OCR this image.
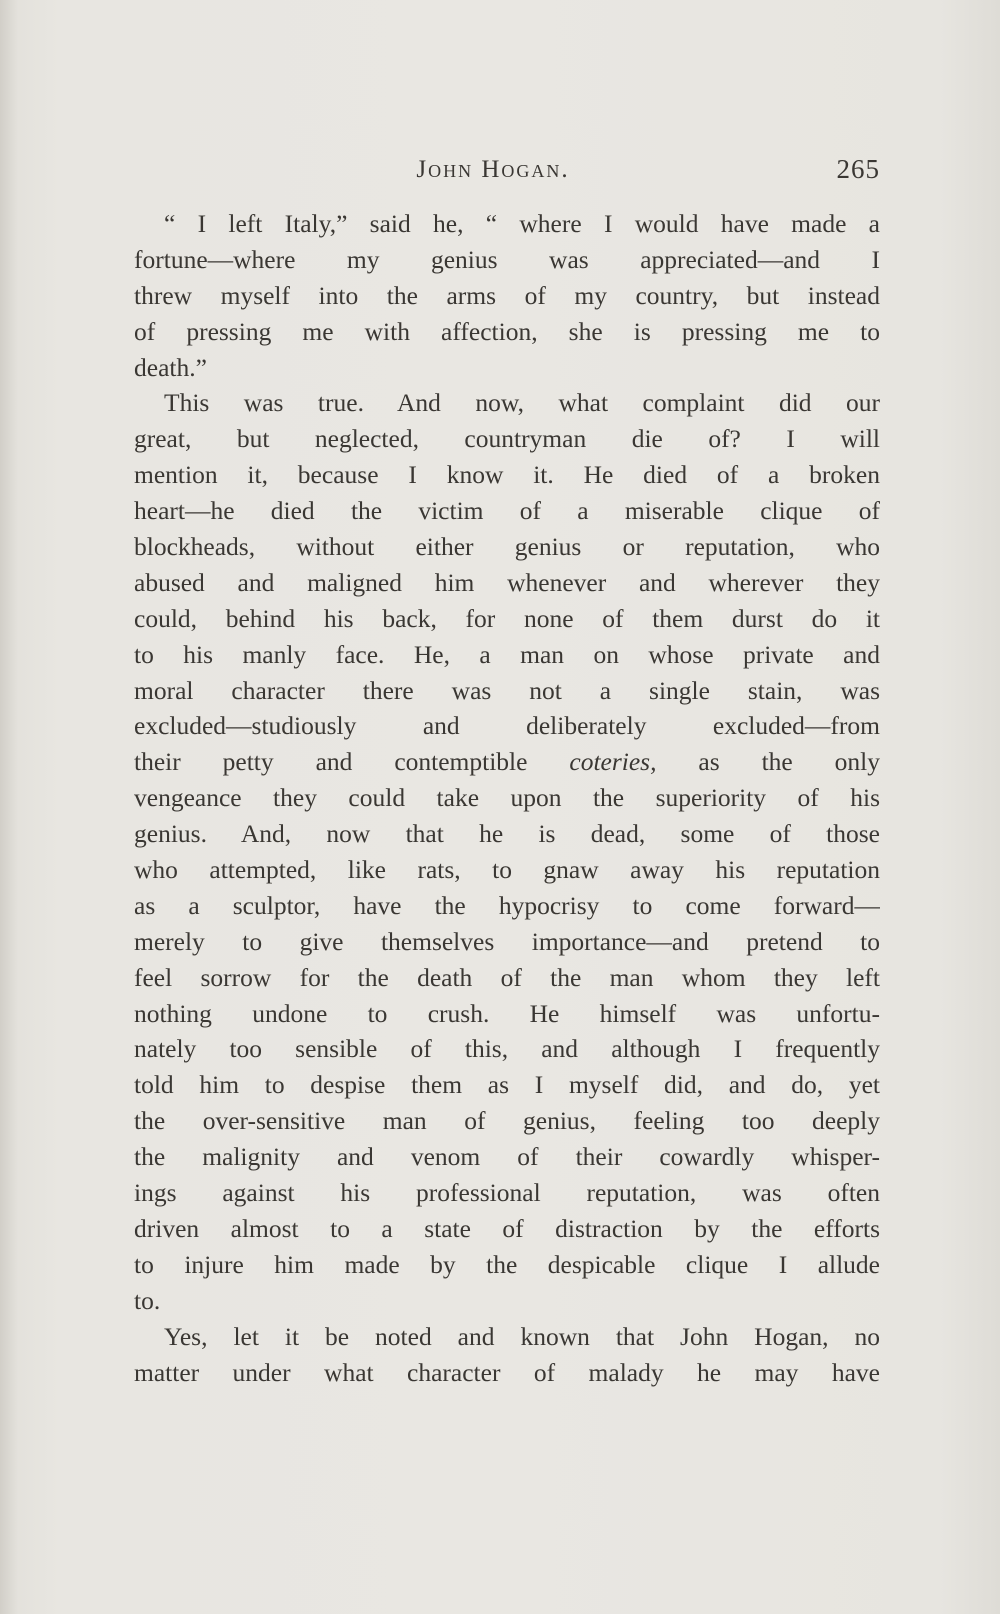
John Hogan.	265
“ I left Italy,” said he, “ where I would have made a
fortune—where my genius was appreciated—and I
threw myself into the arms of my country, but instead
of pressing me with affection, she is pressing me to
death.”
This was true. And now, what complaint did our
great, but neglected, countryman die of? I will
mention it, because I know it. He died of a broken
heart—he died the victim of a miserable clique of
blockheads, without either genius or reputation, who
abused and maligned him whenever and wherever they
could, behind his back, for none of them durst do it
to his manly face. He, a man on whose private and
moral character there was not a single stain, was
excluded—studiously and deliberately excluded—from
their petty and contemptible coteries, as the only
vengeance they could take upon the superiority of his
genius. And, now that he is dead, some of those
who attempted, like rats, to gnaw away his reputation
as a sculptor, have the hypocrisy to come forward—
merely to give themselves importance—and pretend to
feel sorrow for the death of the man whom they left
nothing undone to crush. He himself was unfortu-
nately too sensible of this, and although I frequently
told him to despise them as I myself did, and do, yet
the over-sensitive man of genius, feeling too deeply
the malignity and venom of their cowardly whisper-
ings against his professional reputation, was often
driven almost to a state of distraction by the efforts
to injure him made by the despicable clique I allude
to.
Yes, let it be noted and known that John Hogan, no
matter under what character of malady he may have
